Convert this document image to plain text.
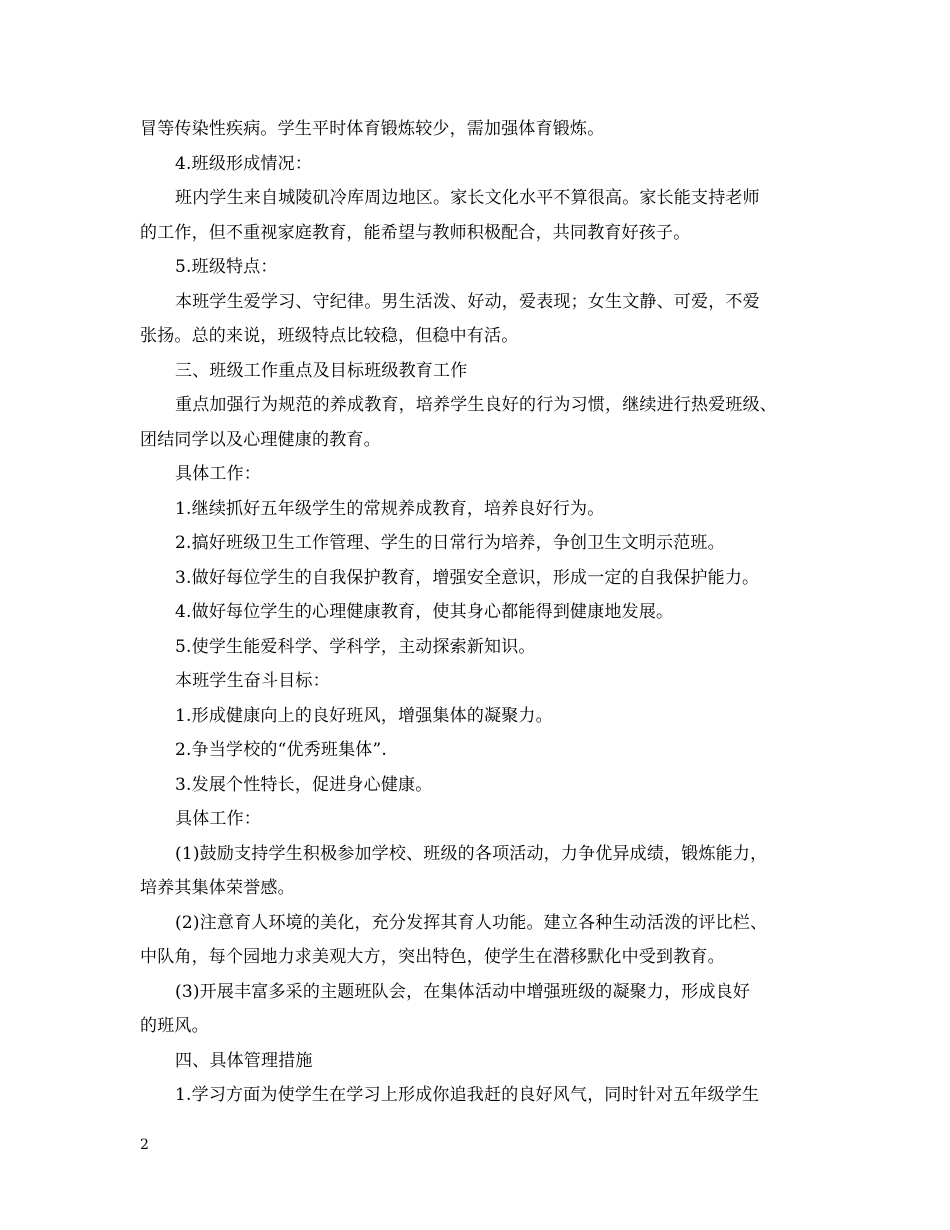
冒等传染性疾病。学生平时体育锻炼较少，需加强体育锻炼。
4.班级形成情况：
班内学生来自城陵矶冷库周边地区。家长文化水平不算很高。家长能支持老师
的工作，但不重视家庭教育，能希望与教师积极配合，共同教育好孩子。
5.班级特点：
本班学生爱学习、守纪律。男生活泼、好动，爱表现；女生文静、可爱，不爱
张扬。总的来说，班级特点比较稳，但稳中有活。
三、班级工作重点及目标班级教育工作
重点加强行为规范的养成教育，培养学生良好的行为习惯，继续进行热爱班级、
团结同学以及心理健康的教育。
具体工作：
1.继续抓好五年级学生的常规养成教育，培养良好行为。
2.搞好班级卫生工作管理、学生的日常行为培养，争创卫生文明示范班。
3.做好每位学生的自我保护教育，增强安全意识，形成一定的自我保护能力。
4.做好每位学生的心理健康教育，使其身心都能得到健康地发展。
5.使学生能爱科学、学科学，主动探索新知识。
本班学生奋斗目标：
1.形成健康向上的良好班风，增强集体的凝聚力。
2.争当学校的“优秀班集体”.
3.发展个性特长，促进身心健康。
具体工作：
(1)鼓励支持学生积极参加学校、班级的各项活动，力争优异成绩，锻炼能力，
培养其集体荣誉感。
(2)注意育人环境的美化，充分发挥其育人功能。建立各种生动活泼的评比栏、
中队角，每个园地力求美观大方，突出特色，使学生在潜移默化中受到教育。
(3)开展丰富多采的主题班队会，在集体活动中增强班级的凝聚力，形成良好
的班风。
四、具体管理措施
1.学习方面为使学生在学习上形成你追我赶的良好风气，同时针对五年级学生
2
